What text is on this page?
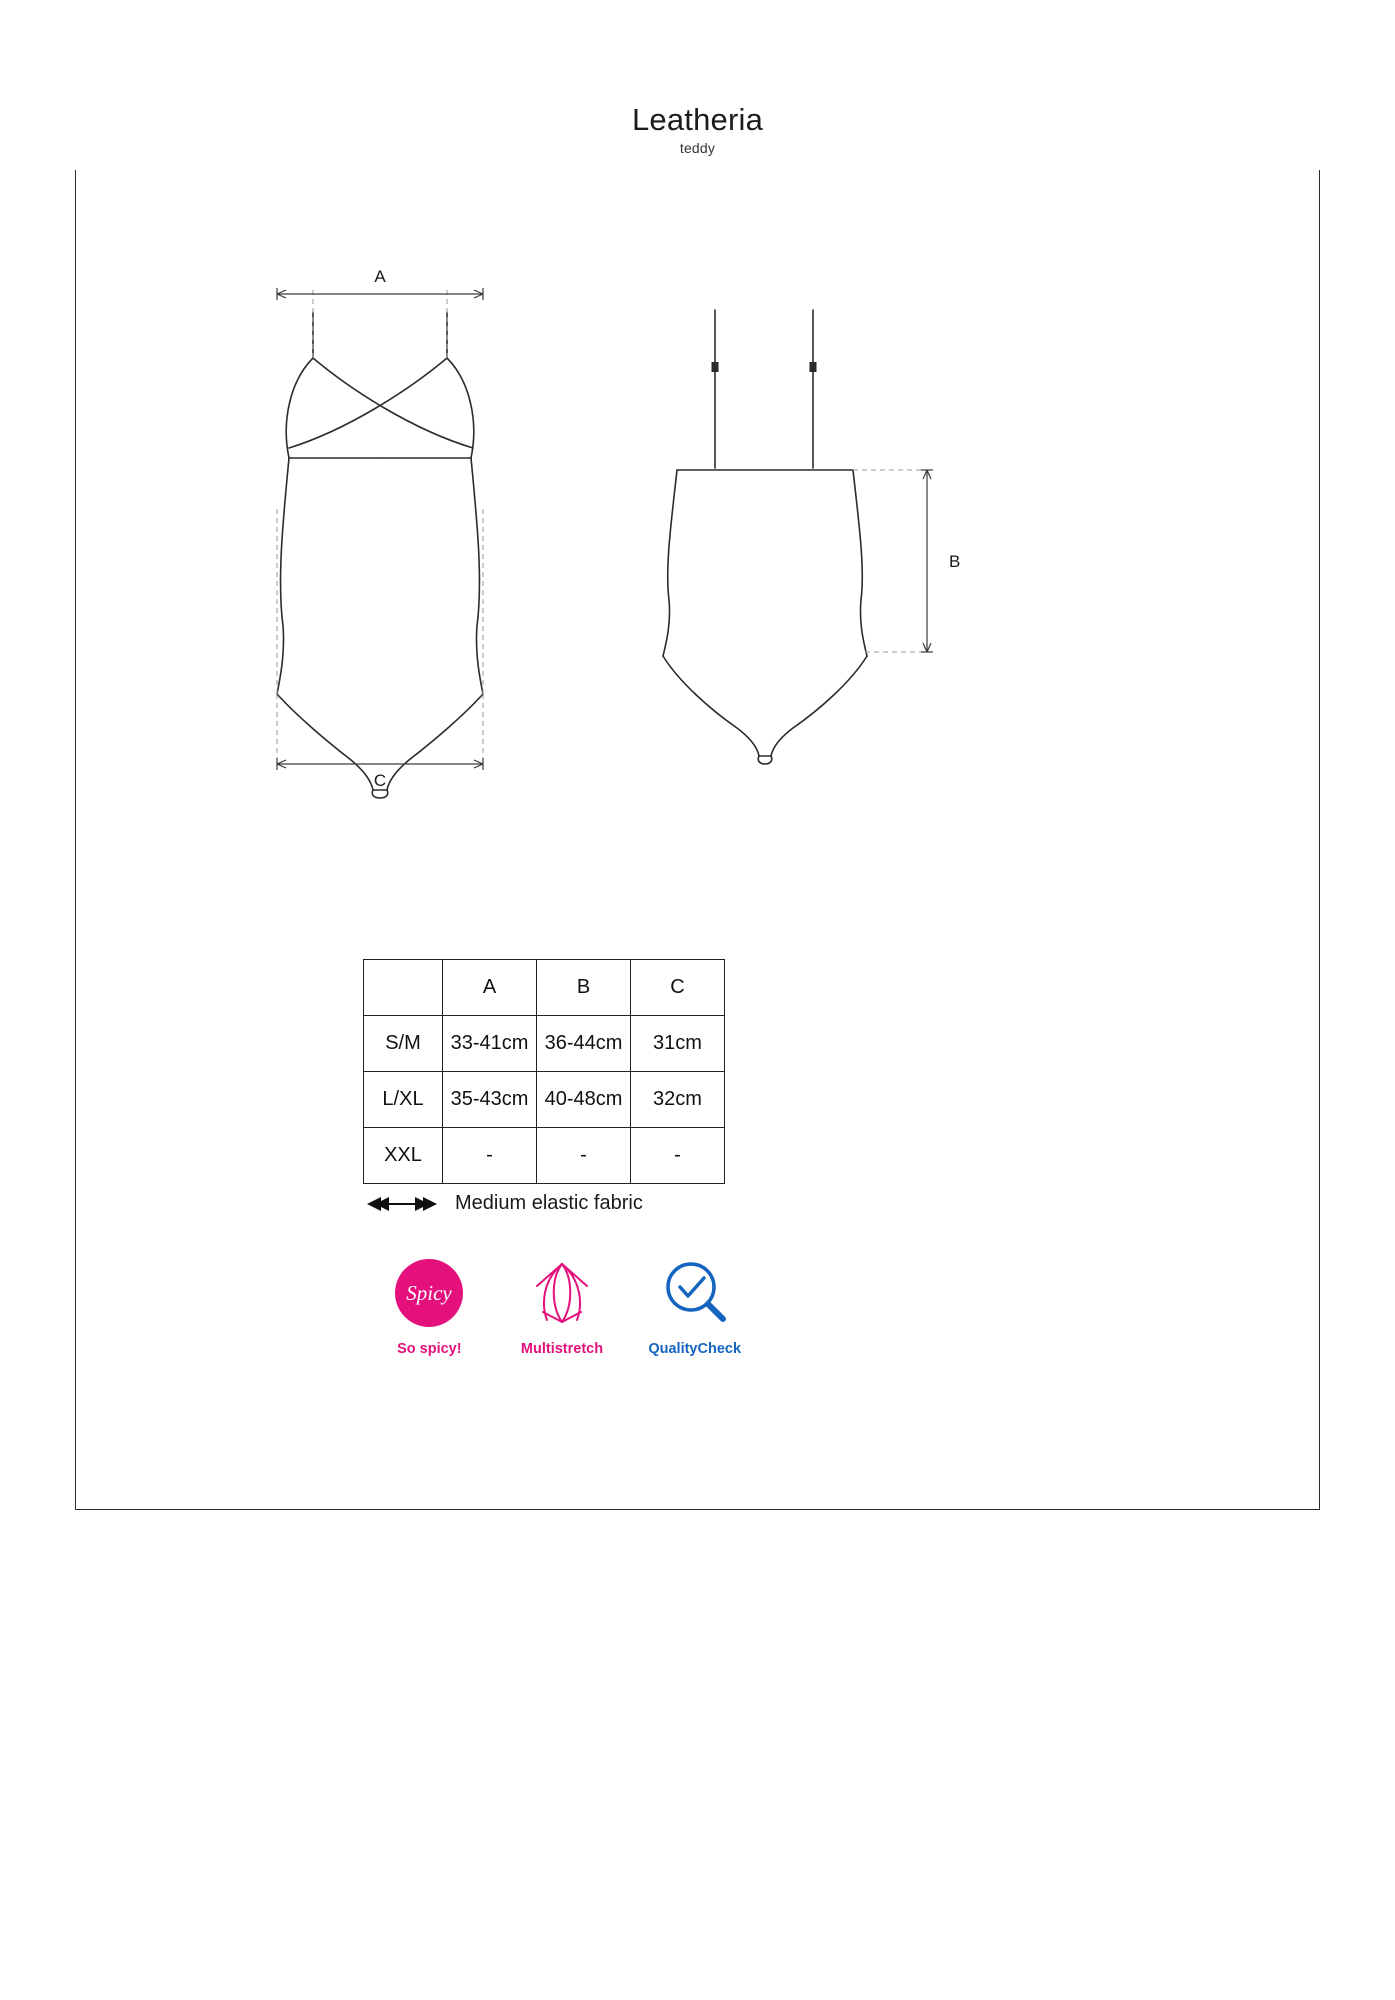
Leatheria
teddy
A
C
B
	A	B	C
S/M	33-41cm	36-44cm	31cm
L/XL	35-43cm	40-48cm	32cm
XXL	-	-	-
Medium elastic fabric
Spicy
So spicy!	Multistretch	QualityCheck
